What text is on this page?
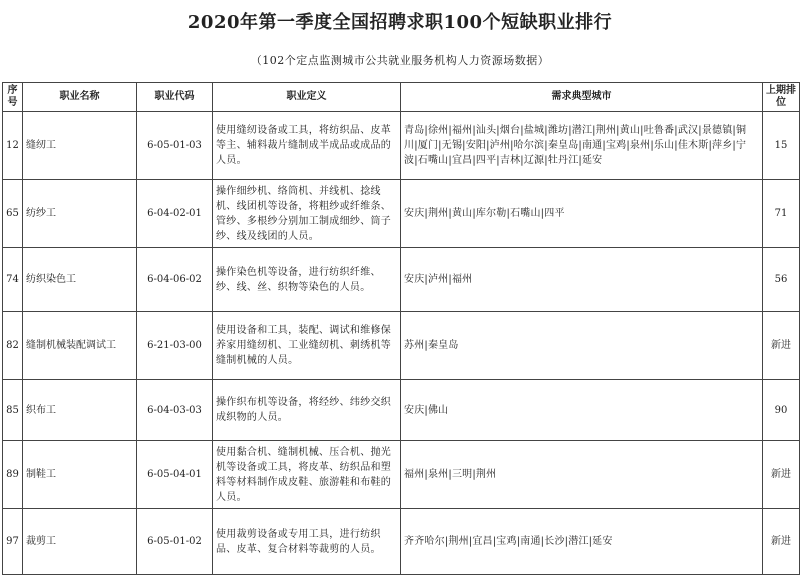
2020年第一季度全国招聘求职100个短缺职业排行
（102个定点监测城市公共就业服务机构人力资源场数据）
序号	职业名称	职业代码	职业定义	需求典型城市	上期排位
12	缝纫工	6-05-01-03	使用缝纫设备或工具，将纺织品、皮革等主、辅料裁片缝制成半成品或成品的人员。	青岛|徐州|福州|汕头|烟台|盐城|潍坊|潜江|荆州|黄山|吐鲁番|武汉|景德镇|铜川|厦门|无锡|安阳|泸州|哈尔滨|秦皇岛|南通|宝鸡|泉州|乐山|佳木斯|萍乡|宁波|石嘴山|宜昌|四平|吉林|辽源|牡丹江|延安	15
65	纺纱工	6-04-02-01	操作细纱机、络筒机、并线机、捻线机、线团机等设备，将粗纱或纤维条、管纱、多根纱分别加工制成细纱、筒子纱、线及线团的人员。	安庆|荆州|黄山|库尔勒|石嘴山|四平	71
74	纺织染色工	6-04-06-02	操作染色机等设备，进行纺织纤维、纱、线、丝、织物等染色的人员。	安庆|泸州|福州	56
82	缝制机械装配调试工	6-21-03-00	使用设备和工具，装配、调试和维修保养家用缝纫机、工业缝纫机、刺绣机等缝制机械的人员。	苏州|秦皇岛	新进
85	织布工	6-04-03-03	操作织布机等设备，将经纱、纬纱交织成织物的人员。	安庆|佛山	90
89	制鞋工	6-05-04-01	使用黏合机、缝制机械、压合机、抛光机等设备或工具，将皮革、纺织品和塑料等材料制作成皮鞋、旅游鞋和布鞋的人员。	福州|泉州|三明|荆州	新进
97	裁剪工	6-05-01-02	使用裁剪设备或专用工具，进行纺织品、皮革、复合材料等裁剪的人员。	齐齐哈尔|荆州|宜昌|宝鸡|南通|长沙|潜江|延安	新进
